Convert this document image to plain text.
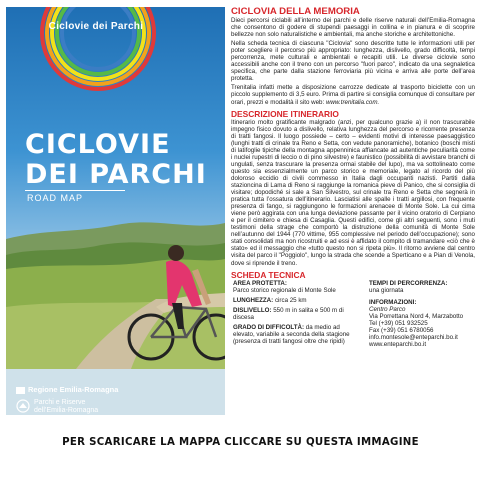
Ciclovie dei Parchi
CICLOVIE
DEI PARCHI
ROAD MAP
Regione Emilia-Romagna
Parchi e Riserve
dell’Emilia-Romagna

CICLOVIA DELLA MEMORIA

Dieci percorsi ciclabili all’interno dei parchi e delle riserve naturali dell’Emilia-Romagna che consentono di godere di stupendi paesaggi in collina e in pianura e di scoprire bellezze non solo naturalistiche e ambientali, ma anche storiche e architettoniche.

Nella scheda tecnica di ciascuna "Ciclovia" sono descritte tutte le informazioni utili per poter scegliere il percorso più appropriato: lunghezza, dislivello, grado difficoltà, tempi percorrenza, mete culturali e ambientali e recapiti utili. Le diverse ciclovie sono accessibili anche con il treno con un percorso "fuori parco", indicato da una segnaletica specifica, che parte dalla stazione ferroviaria più vicina e arriva alle porte dell’area protetta.

Trenitalia infatti mette a disposizione carrozze dedicate al trasporto biciclette con un piccolo supplemento di 3,5 euro. Prima di partire si consiglia comunque di consultare per orari, prezzi e modalità il sito web: www.trenitalia.com.

DESCRIZIONE ITINERARIO

Itinerario molto gratificante malgrado (anzi, per qualcuno grazie a) il non trascurabile impegno fisico dovuto a dislivello, relativa lunghezza del percorso e ricorrente presenza di tratti fangosi. Il luogo possiede – certo – evidenti motivi di interesse paesaggistico (lunghi tratti di crinale tra Reno e Setta, con vedute panoramiche), botanico (boschi misti di latifoglie tipiche della montagna appenninica affiancate ad autentiche peculiarità come i nuclei rupestri di leccio o di pino silvestre) e faunistico (possibilità di avvistare branchi di ungulati, senza trascurare la presenza ormai stabile del lupo), ma va sottolineato come questo sia essenzialmente un parco storico e memoriale, legato al ricordo del più doloroso eccidio di civili commesso in Italia dagli occupanti nazisti. Partiti dalla stazioncina di Lama di Reno si raggiunge la romanica pieve di Panico, che si consiglia di visitare; dopodiché si sale a San Silvestro, sul crinale tra Reno e Setta che segnerà in pratica tutta l’ossatura dell’itinerario. Lasciatisi alle spalle i tratti argillosi, con frequente presenza di fango, si raggiungono le formazioni arenacee di Monte Sole. La cui cima viene però aggirata con una lunga deviazione passante per il vicino oratorio di Cerpiano e per il cimitero e chiesa di Casaglia. Questi edifici, come gli altri seguenti, sono i muti testimoni della strage che comportò la distruzione della comunità di Monte Sole nell’autunno del 1944 (770 vittime, 955 complessive nel periodo dell’occupazione); sono stati consolidati ma non ricostruiti e ad essi è affidato il compito di tramandare «ciò che è stato» ed il messaggio che «tutto questo non si ripeta più». Il ritorno avviene dal centro visita del parco il "Poggiolo", lungo la strada che scende a Sperticano e a Pian di Venola, dove si riprende il treno.

SCHEDA TECNICA

AREA PROTETTA:
Parco storico regionale di Monte Sole
LUNGHEZZA: circa 25 km
DISLIVELLO: 550 m in salita e 500 m di discesa
GRADO DI DIFFICOLTÀ: da medio ad elevato, variabile a seconda della stagione (presenza di tratti fangosi oltre che ripidi)
TEMPI DI PERCORRENZA:
una giornata
INFORMAZIONI:
Centro Parco
Via Porrettana Nord 4, Marzabotto
Tel (+39) 051 932525
Fax (+39) 051 6780056
info.montesole@enteparchi.bo.it
www.enteparchi.bo.it
PER SCARICARE LA MAPPA CLICCARE SU QUESTA IMMAGINE
